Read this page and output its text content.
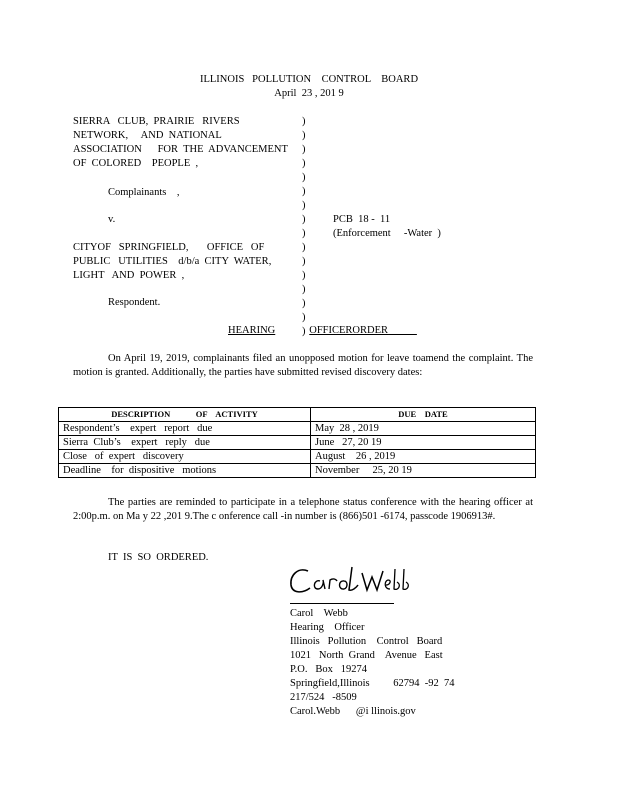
ILLINOIS   POLLUTION    CONTROL    BOARD
April  23 , 201 9
SIERRA   CLUB,  PRAIRIE   RIVERS
NETWORK,     AND  NATIONAL
ASSOCIATION      FOR  THE  ADVANCEMENT
OF  COLORED    PEOPLE  ,
Complainants    ,
v.	PCB  18 -  11
(Enforcement     -Water  )
CITYOF   SPRINGFIELD,       OFFICE   OF
PUBLIC   UTILITIES    d/b/a  CITY  WATER,
LIGHT   AND  POWER  ,
Respondent.
)
)
)
)
)
)
)
)
)
)
)
)
)
)
)
)
HEARING	OFFICERORDER
On April 19, 2019, complainants filed an unopposed motion for leave toamend the complaint. The motion is granted. Additionally, the parties have submitted revised discovery dates:
DESCRIPTION            OF    ACTIVITY	DUE    DATE
Respondent’s    expert   report   due	May  28 , 2019
Sierra  Club’s    expert   reply   due	June   27, 20 19
Close   of  expert   discovery	August    26 , 2019
Deadline    for  dispositive   motions	November     25, 20 19
The parties are reminded to participate in a telephone status conference with the hearing officer at 2:00p.m. on Ma y 22 ,201 9.The c onference call -in number is (866)501 -6174, passcode 1906913#.
IT  IS  SO  ORDERED.
Carol    Webb
Hearing    Officer
Illinois   Pollution    Control   Board
1021   North  Grand    Avenue   East
P.O.   Box   19274
Springfield,Illinois         62794  -92  74
217/524   -8509
Carol.Webb      @i llinois.gov
